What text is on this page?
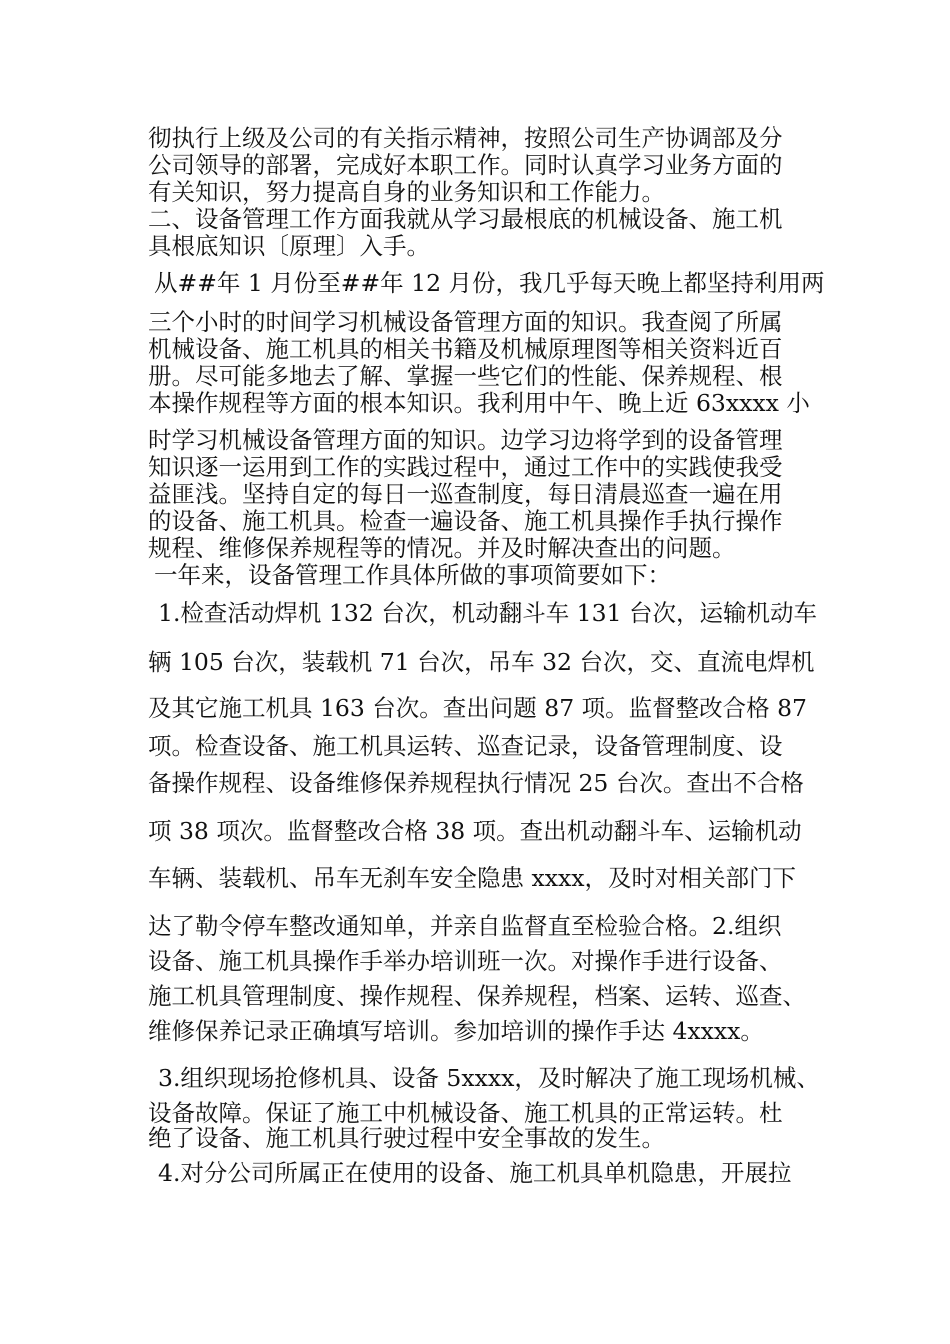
彻执行上级及公司的有关指示精神，按照公司生产协调部及分

公司领导的部署，完成好本职工作。同时认真学习业务方面的

有关知识，努力提高自身的业务知识和工作能力。

二、设备管理工作方面我就从学习最根底的机械设备、施工机

具根底知识〔原理〕入手。

从##年 1 月份至##年 12 月份，我几乎每天晚上都坚持利用两

三个小时的时间学习机械设备管理方面的知识。我查阅了所属

机械设备、施工机具的相关书籍及机械原理图等相关资料近百

册。尽可能多地去了解、掌握一些它们的性能、保养规程、根

本操作规程等方面的根本知识。我利用中午、晚上近 63xxxx 小

时学习机械设备管理方面的知识。边学习边将学到的设备管理

知识逐一运用到工作的实践过程中，通过工作中的实践使我受

益匪浅。坚持自定的每日一巡查制度，每日清晨巡查一遍在用

的设备、施工机具。检查一遍设备、施工机具操作手执行操作

规程、维修保养规程等的情况。并及时解决查出的问题。

一年来，设备管理工作具体所做的事项简要如下：

1.检查活动焊机 132 台次，机动翻斗车 131 台次，运输机动车

辆 105 台次，装载机 71 台次，吊车 32 台次，交、直流电焊机

及其它施工机具 163 台次。查出问题 87 项。监督整改合格 87

项。检查设备、施工机具运转、巡查记录，设备管理制度、设

备操作规程、设备维修保养规程执行情况 25 台次。查出不合格

项 38 项次。监督整改合格 38 项。查出机动翻斗车、运输机动

车辆、装载机、吊车无刹车安全隐患 xxxx，及时对相关部门下

达了勒令停车整改通知单，并亲自监督直至检验合格。2.组织

设备、施工机具操作手举办培训班一次。对操作手进行设备、

施工机具管理制度、操作规程、保养规程，档案、运转、巡查、

维修保养记录正确填写培训。参加培训的操作手达 4xxxx。

3.组织现场抢修机具、设备 5xxxx，及时解决了施工现场机械、

设备故障。保证了施工中机械设备、施工机具的正常运转。杜

绝了设备、施工机具行驶过程中安全事故的发生。

4.对分公司所属正在使用的设备、施工机具单机隐患，开展拉
